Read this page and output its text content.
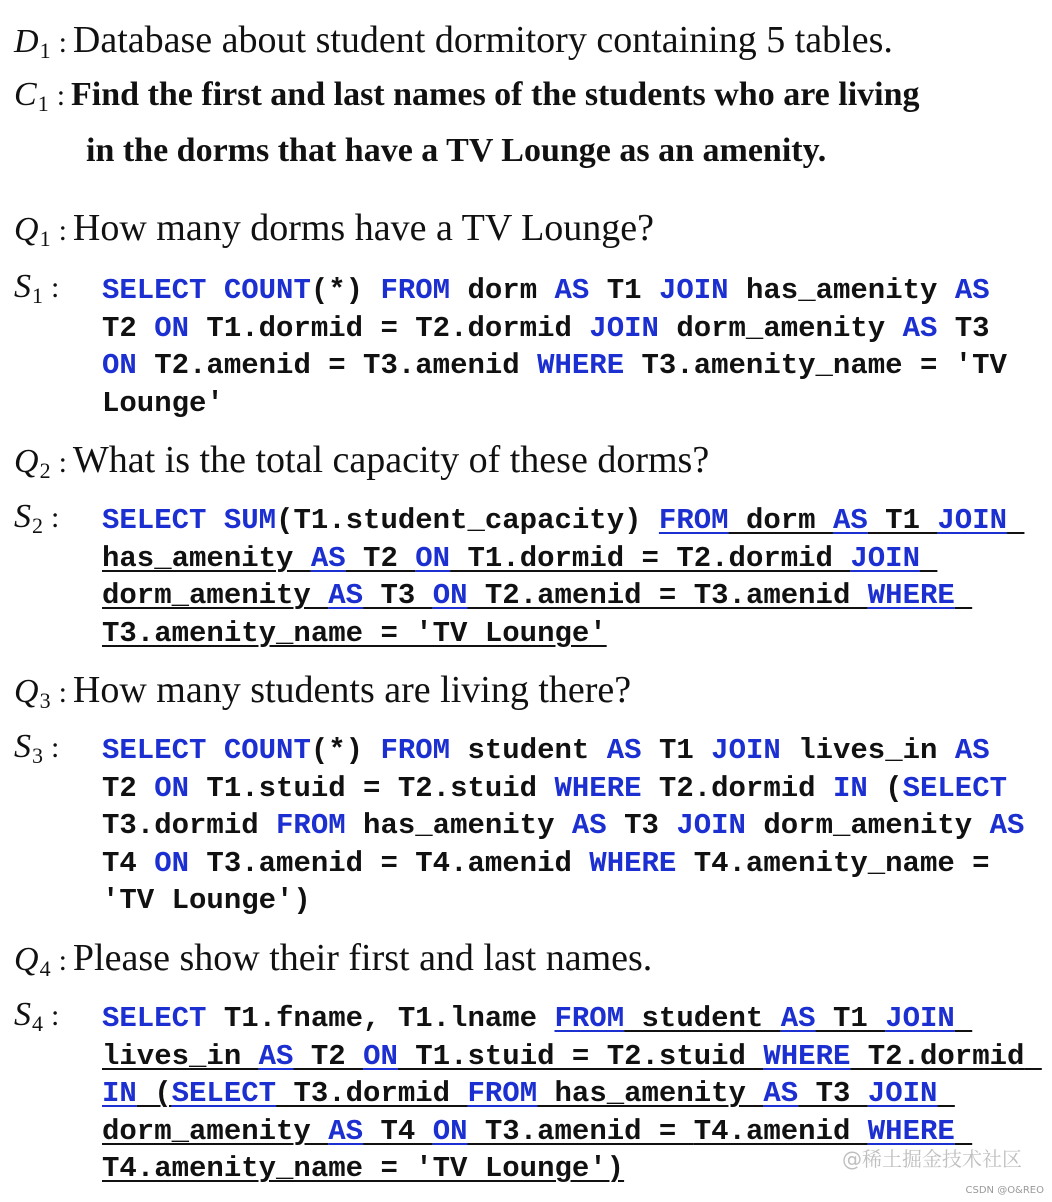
$D_1$ : Database about student dormitory containing 5 tables.
$C_1$ : Find the first and last names of the students who are living
in the dorms that have a TV Lounge as an amenity.
$Q_1$ : How many dorms have a TV Lounge?
$S_1$ : SELECT COUNT(*) FROM dorm AS T1 JOIN has_amenity AS T2 ON T1.dormid = T2.dormid JOIN dorm_amenity AS T3 ON T2.amenid = T3.amenid WHERE T3.amenity_name = 'TV Lounge'
$Q_2$ : What is the total capacity of these dorms?
$S_2$ : SELECT SUM(T1.student_capacity) FROM dorm AS T1 JOIN has_amenity AS T2 ON T1.dormid = T2.dormid JOIN dorm_amenity AS T3 ON T2.amenid = T3.amenid WHERE T3.amenity_name = 'TV Lounge'
$Q_3$ : How many students are living there?
$S_3$ : SELECT COUNT(*) FROM student AS T1 JOIN lives_in AS T2 ON T1.stuid = T2.stuid WHERE T2.dormid IN (SELECT T3.dormid FROM has_amenity AS T3 JOIN dorm_amenity AS T4 ON T3.amenid = T4.amenid WHERE T4.amenity_name = 'TV Lounge')
$Q_4$ : Please show their first and last names.
$S_4$ : SELECT T1.fname, T1.lname FROM student AS T1 JOIN lives_in AS T2 ON T1.stuid = T2.stuid WHERE T2.dormid IN (SELECT T3.dormid FROM has_amenity AS T3 JOIN dorm_amenity AS T4 ON T3.amenid = T4.amenid WHERE T4.amenity_name = 'TV Lounge')	@稀土掘金技术社区
CSDN @O&REO
